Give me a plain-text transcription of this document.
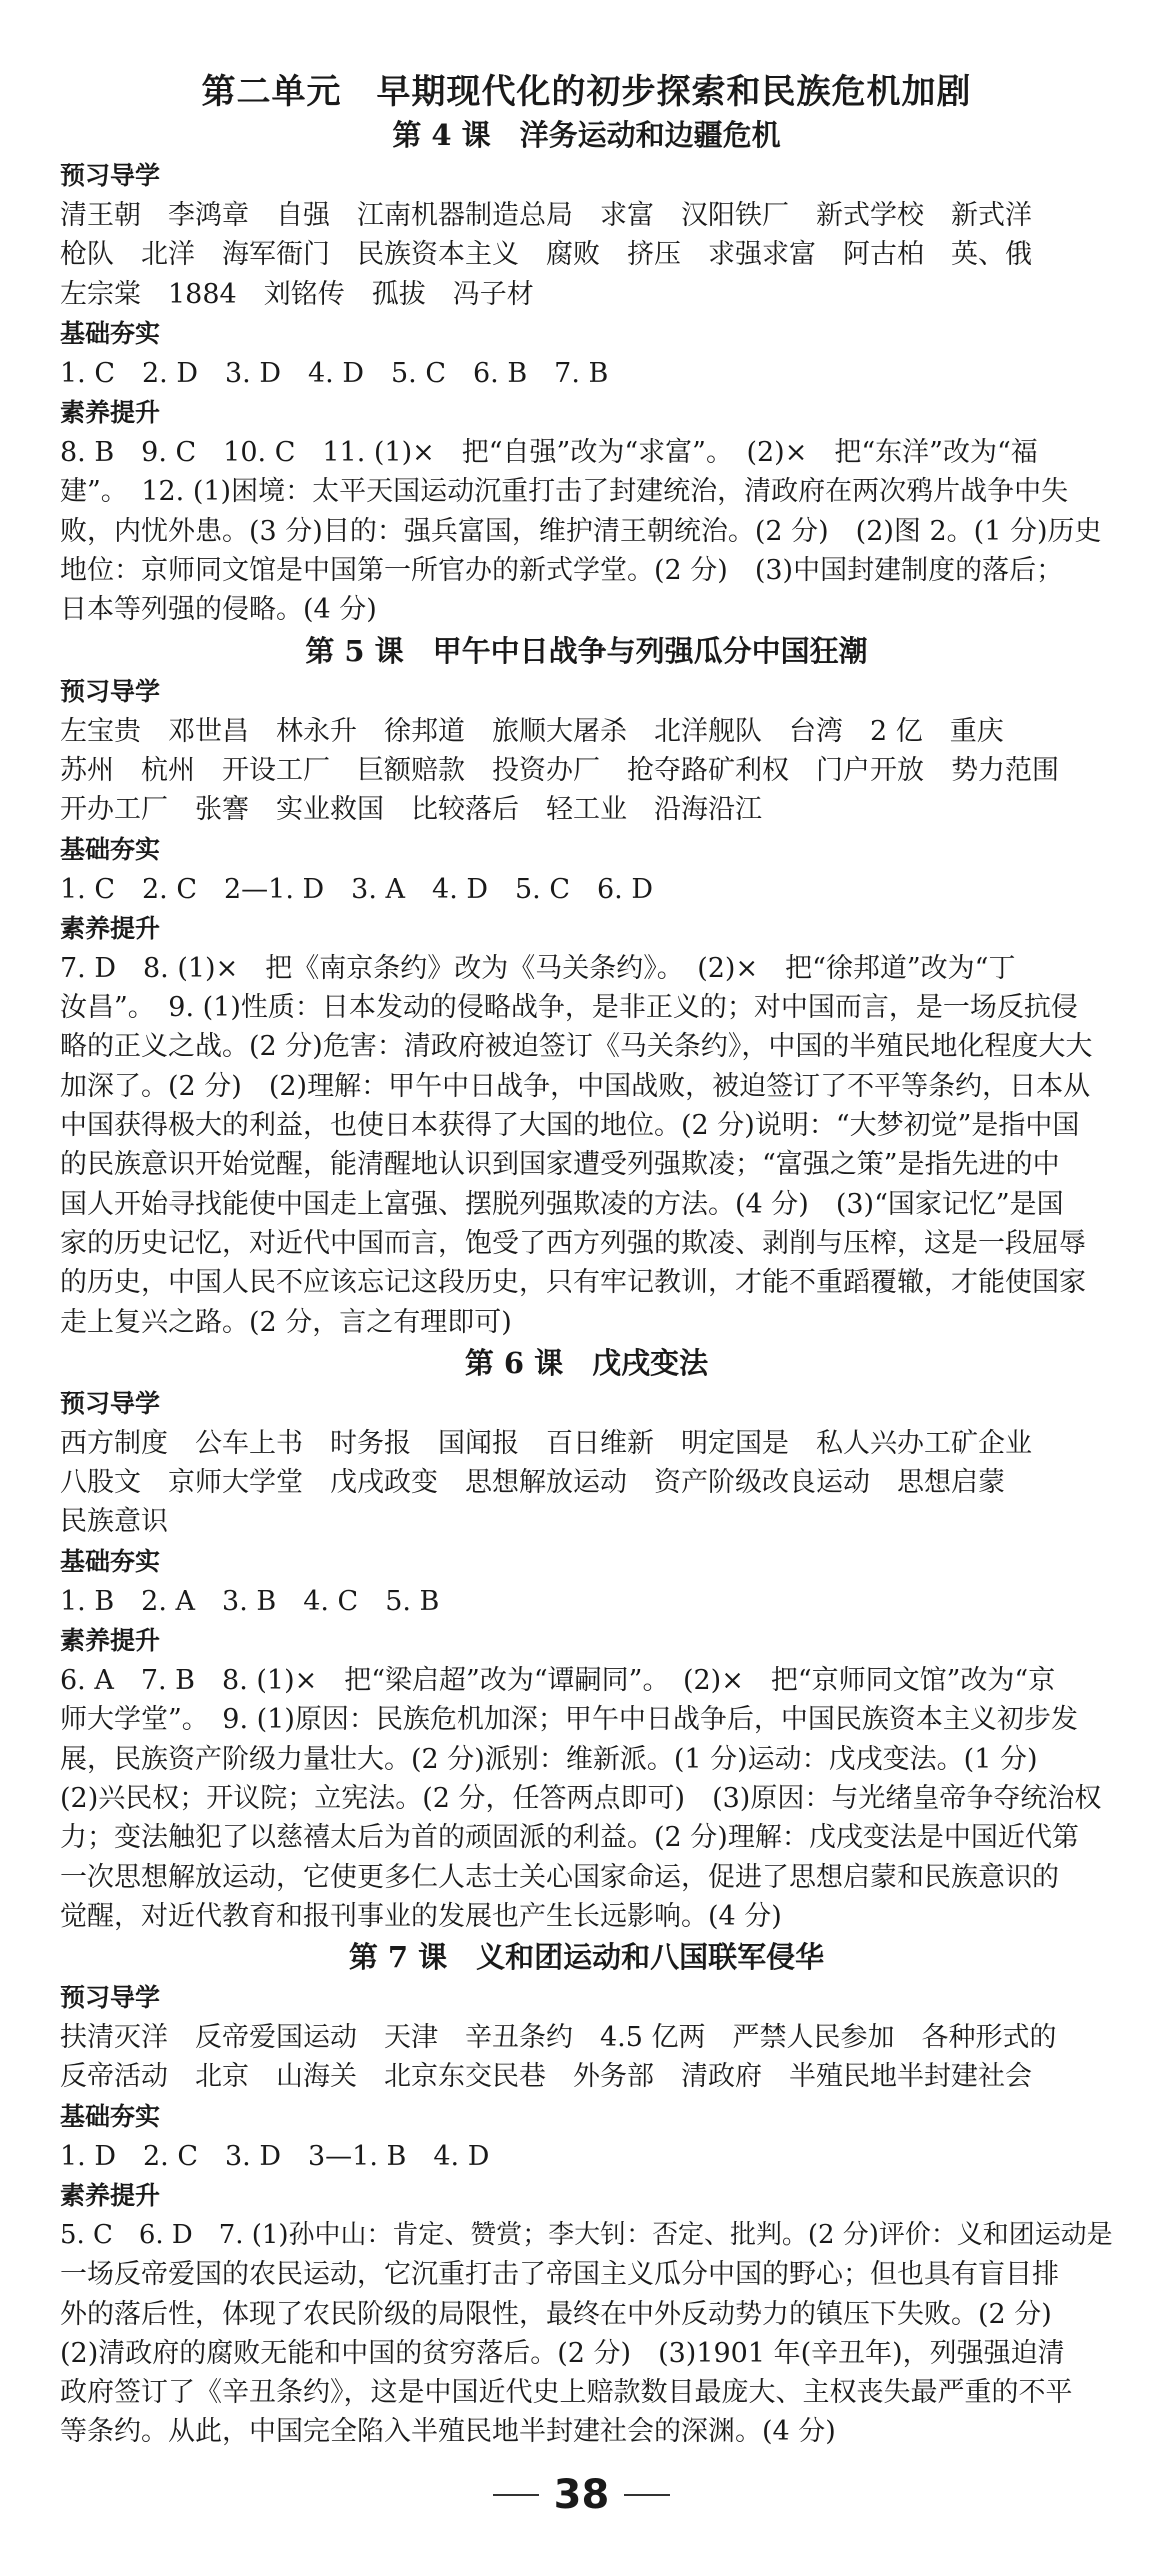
第二单元　早期现代化的初步探索和民族危机加剧
第 4 课　洋务运动和边疆危机
预习导学
清王朝　李鸿章　自强　江南机器制造总局　求富　汉阳铁厂　新式学校　新式洋
枪队　北洋　海军衙门　民族资本主义　腐败　挤压　求强求富　阿古柏　英、俄
左宗棠　1884　刘铭传　孤拔　冯子材
基础夯实
1. C　2. D　3. D　4. D　5. C　6. B　7. B
素养提升
8. B　9. C　10. C　11. (1)×　把“自强”改为“求富”。　(2)×　把“东洋”改为“福
建”。　12. (1)困境：太平天国运动沉重打击了封建统治，清政府在两次鸦片战争中失
败，内忧外患。(3 分)目的：强兵富国，维护清王朝统治。(2 分)　(2)图 2。(1 分)历史
地位：京师同文馆是中国第一所官办的新式学堂。(2 分)　(3)中国封建制度的落后；
日本等列强的侵略。(4 分)
第 5 课　甲午中日战争与列强瓜分中国狂潮
预习导学
左宝贵　邓世昌　林永升　徐邦道　旅顺大屠杀　北洋舰队　台湾　2 亿　重庆
苏州　杭州　开设工厂　巨额赔款　投资办厂　抢夺路矿利权　门户开放　势力范围
开办工厂　张謇　实业救国　比较落后　轻工业　沿海沿江
基础夯实
1. C　2. C　2—1. D　3. A　4. D　5. C　6. D
素养提升
7. D　8. (1)×　把《南京条约》改为《马关条约》。　(2)×　把“徐邦道”改为“丁
汝昌”。　9. (1)性质：日本发动的侵略战争，是非正义的；对中国而言，是一场反抗侵
略的正义之战。(2 分)危害：清政府被迫签订《马关条约》，中国的半殖民地化程度大大
加深了。(2 分)　(2)理解：甲午中日战争，中国战败，被迫签订了不平等条约，日本从
中国获得极大的利益，也使日本获得了大国的地位。(2 分)说明：“大梦初觉”是指中国
的民族意识开始觉醒，能清醒地认识到国家遭受列强欺凌；“富强之策”是指先进的中
国人开始寻找能使中国走上富强、摆脱列强欺凌的方法。(4 分)　(3)“国家记忆”是国
家的历史记忆，对近代中国而言，饱受了西方列强的欺凌、剥削与压榨，这是一段屈辱
的历史，中国人民不应该忘记这段历史，只有牢记教训，才能不重蹈覆辙，才能使国家
走上复兴之路。(2 分，言之有理即可)
第 6 课　戊戌变法
预习导学
西方制度　公车上书　时务报　国闻报　百日维新　明定国是　私人兴办工矿企业
八股文　京师大学堂　戊戌政变　思想解放运动　资产阶级改良运动　思想启蒙
民族意识
基础夯实
1. B　2. A　3. B　4. C　5. B
素养提升
6. A　7. B　8. (1)×　把“梁启超”改为“谭嗣同”。　(2)×　把“京师同文馆”改为“京
师大学堂”。　9. (1)原因：民族危机加深；甲午中日战争后，中国民族资本主义初步发
展，民族资产阶级力量壮大。(2 分)派别：维新派。(1 分)运动：戊戌变法。(1 分)
(2)兴民权；开议院；立宪法。(2 分，任答两点即可)　(3)原因：与光绪皇帝争夺统治权
力；变法触犯了以慈禧太后为首的顽固派的利益。(2 分)理解：戊戌变法是中国近代第
一次思想解放运动，它使更多仁人志士关心国家命运，促进了思想启蒙和民族意识的
觉醒，对近代教育和报刊事业的发展也产生长远影响。(4 分)
第 7 课　义和团运动和八国联军侵华
预习导学
扶清灭洋　反帝爱国运动　天津　辛丑条约　4.5 亿两　严禁人民参加　各种形式的
反帝活动　北京　山海关　北京东交民巷　外务部　清政府　半殖民地半封建社会
基础夯实
1. D　2. C　3. D　3—1. B　4. D
素养提升
5. C　6. D　7. (1)孙中山：肯定、赞赏；李大钊：否定、批判。(2 分)评价：义和团运动是
一场反帝爱国的农民运动，它沉重打击了帝国主义瓜分中国的野心；但也具有盲目排
外的落后性，体现了农民阶级的局限性，最终在中外反动势力的镇压下失败。(2 分)
(2)清政府的腐败无能和中国的贫穷落后。(2 分)　(3)1901 年(辛丑年)，列强强迫清
政府签订了《辛丑条约》，这是中国近代史上赔款数目最庞大、主权丧失最严重的不平
等条约。从此，中国完全陷入半殖民地半封建社会的深渊。(4 分)
38
